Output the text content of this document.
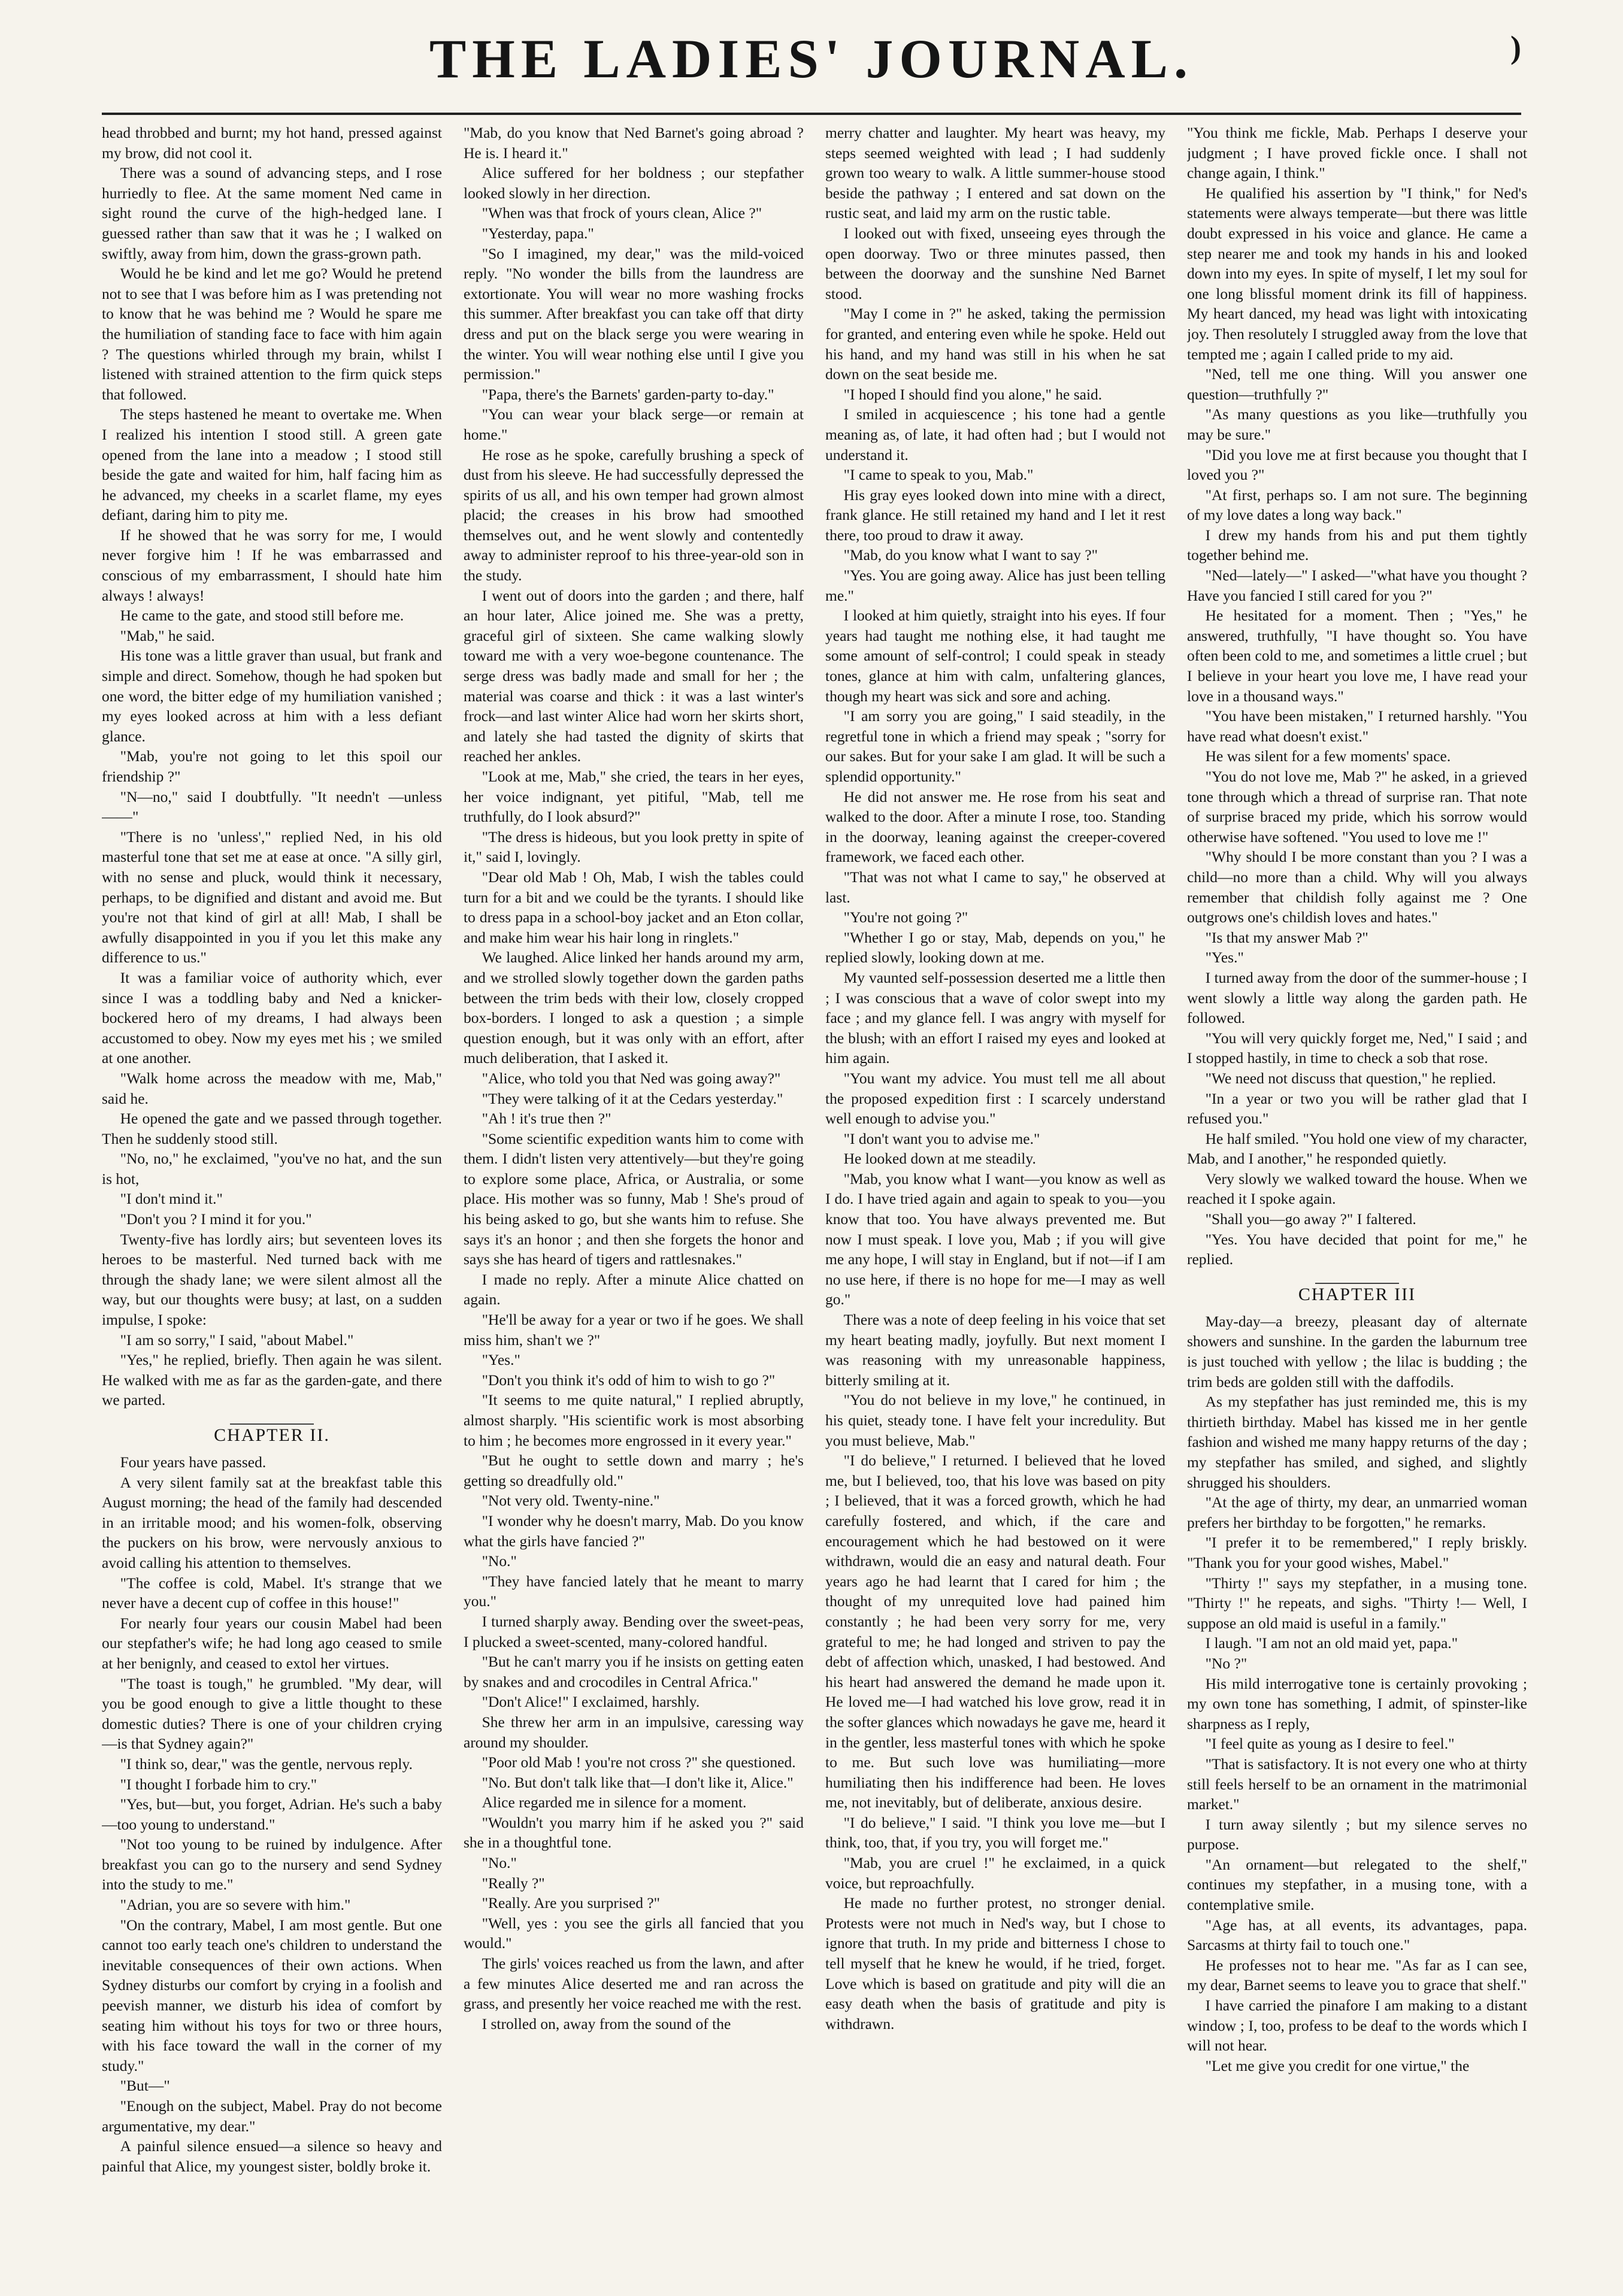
THE LADIES' JOURNAL.	)

head throbbed and burnt; my hot hand, pressed against my brow, did not cool it.

There was a sound of advancing steps, and I rose hurriedly to flee. At the same moment Ned came in sight round the curve of the high-hedged lane. I guessed rather than saw that it was he ; I walked on swiftly, away from him, down the grass-grown path.

Would he be kind and let me go? Would he pretend not to see that I was before him as I was pretending not to know that he was behind me ? Would he spare me the humiliation of standing face to face with him again ? The questions whirled through my brain, whilst I listened with strained attention to the firm quick steps that followed.

The steps hastened he meant to overtake me. When I realized his intention I stood still. A green gate opened from the lane into a meadow ; I stood still beside the gate and waited for him, half facing him as he advanced, my cheeks in a scarlet flame, my eyes defiant, daring him to pity me.

If he showed that he was sorry for me, I would never forgive him ! If he was embarrassed and conscious of my embarrassment, I should hate him always ! always!

He came to the gate, and stood still before me.

"Mab," he said.

His tone was a little graver than usual, but frank and simple and direct. Somehow, though he had spoken but one word, the bitter edge of my humiliation vanished ; my eyes looked across at him with a less defiant glance.

"Mab, you're not going to let this spoil our friendship ?"

"N—no," said I doubtfully. "It needn't —unless——"

"There is no 'unless'," replied Ned, in his old masterful tone that set me at ease at once. "A silly girl, with no sense and pluck, would think it necessary, perhaps, to be dignified and distant and avoid me. But you're not that kind of girl at all! Mab, I shall be awfully disappointed in you if you let this make any difference to us."

It was a familiar voice of authority which, ever since I was a toddling baby and Ned a knicker-bockered hero of my dreams, I had always been accustomed to obey. Now my eyes met his ; we smiled at one another.

"Walk home across the meadow with me, Mab," said he.

He opened the gate and we passed through together. Then he suddenly stood still.

"No, no," he exclaimed, "you've no hat, and the sun is hot,

"I don't mind it."

"Don't you ? I mind it for you."

Twenty-five has lordly airs; but seventeen loves its heroes to be masterful. Ned turned back with me through the shady lane; we were silent almost all the way, but our thoughts were busy; at last, on a sudden impulse, I spoke:

"I am so sorry," I said, "about Mabel."

"Yes," he replied, briefly. Then again he was silent. He walked with me as far as the garden-gate, and there we parted.

CHAPTER II.

Four years have passed.

A very silent family sat at the breakfast table this August morning; the head of the family had descended in an irritable mood; and his women-folk, observing the puckers on his brow, were nervously anxious to avoid calling his attention to themselves.

"The coffee is cold, Mabel. It's strange that we never have a decent cup of coffee in this house!"

For nearly four years our cousin Mabel had been our stepfather's wife; he had long ago ceased to smile at her benignly, and ceased to extol her virtues.

"The toast is tough," he grumbled. "My dear, will you be good enough to give a little thought to these domestic duties? There is one of your children crying—is that Sydney again?"

"I think so, dear," was the gentle, nervous reply.

"I thought I forbade him to cry."

"Yes, but—but, you forget, Adrian. He's such a baby—too young to understand."

"Not too young to be ruined by indulgence. After breakfast you can go to the nursery and send Sydney into the study to me."

"Adrian, you are so severe with him."

"On the contrary, Mabel, I am most gentle. But one cannot too early teach one's children to understand the inevitable consequences of their own actions. When Sydney disturbs our comfort by crying in a foolish and peevish manner, we disturb his idea of comfort by seating him without his toys for two or three hours, with his face toward the wall in the corner of my study."

"But—"

"Enough on the subject, Mabel. Pray do not become argumentative, my dear."

A painful silence ensued—a silence so heavy and painful that Alice, my youngest sister, boldly broke it.

"Mab, do you know that Ned Barnet's going abroad ? He is. I heard it."

Alice suffered for her boldness ; our stepfather looked slowly in her direction.

"When was that frock of yours clean, Alice ?"

"Yesterday, papa."

"So I imagined, my dear," was the mild-voiced reply. "No wonder the bills from the laundress are extortionate. You will wear no more washing frocks this summer. After breakfast you can take off that dirty dress and put on the black serge you were wearing in the winter. You will wear nothing else until I give you permission."

"Papa, there's the Barnets' garden-party to-day."

"You can wear your black serge—or remain at home."

He rose as he spoke, carefully brushing a speck of dust from his sleeve. He had successfully depressed the spirits of us all, and his own temper had grown almost placid; the creases in his brow had smoothed themselves out, and he went slowly and contentedly away to administer reproof to his three-year-old son in the study.

I went out of doors into the garden ; and there, half an hour later, Alice joined me. She was a pretty, graceful girl of sixteen. She came walking slowly toward me with a very woe-begone countenance. The serge dress was badly made and small for her ; the material was coarse and thick : it was a last winter's frock—and last winter Alice had worn her skirts short, and lately she had tasted the dignity of skirts that reached her ankles.

"Look at me, Mab," she cried, the tears in her eyes, her voice indignant, yet pitiful, "Mab, tell me truthfully, do I look absurd?"

"The dress is hideous, but you look pretty in spite of it," said I, lovingly.

"Dear old Mab ! Oh, Mab, I wish the tables could turn for a bit and we could be the tyrants. I should like to dress papa in a school-boy jacket and an Eton collar, and make him wear his hair long in ringlets."

We laughed. Alice linked her hands around my arm, and we strolled slowly together down the garden paths between the trim beds with their low, closely cropped box-borders. I longed to ask a question ; a simple question enough, but it was only with an effort, after much deliberation, that I asked it.

"Alice, who told you that Ned was going away?"

"They were talking of it at the Cedars yesterday."

"Ah ! it's true then ?"

"Some scientific expedition wants him to come with them. I didn't listen very attentively—but they're going to explore some place, Africa, or Australia, or some place. His mother was so funny, Mab ! She's proud of his being asked to go, but she wants him to refuse. She says it's an honor ; and then she forgets the honor and says she has heard of tigers and rattlesnakes."

I made no reply. After a minute Alice chatted on again.

"He'll be away for a year or two if he goes. We shall miss him, shan't we ?"

"Yes."

"Don't you think it's odd of him to wish to go ?"

"It seems to me quite natural," I replied abruptly, almost sharply. "His scientific work is most absorbing to him ; he becomes more engrossed in it every year."

"But he ought to settle down and marry ; he's getting so dreadfully old."

"Not very old. Twenty-nine."

"I wonder why he doesn't marry, Mab. Do you know what the girls have fancied ?"

"No."

"They have fancied lately that he meant to marry you."

I turned sharply away. Bending over the sweet-peas, I plucked a sweet-scented, many-colored handful.

"But he can't marry you if he insists on getting eaten by snakes and and crocodiles in Central Africa."

"Don't Alice!" I exclaimed, harshly.

She threw her arm in an impulsive, caressing way around my shoulder.

"Poor old Mab ! you're not cross ?" she questioned.

"No. But don't talk like that—I don't like it, Alice."

Alice regarded me in silence for a moment.

"Wouldn't you marry him if he asked you ?" said she in a thoughtful tone.

"No."

"Really ?"

"Really. Are you surprised ?"

"Well, yes : you see the girls all fancied that you would."

The girls' voices reached us from the lawn, and after a few minutes Alice deserted me and ran across the grass, and presently her voice reached me with the rest.

I strolled on, away from the sound of the

merry chatter and laughter. My heart was heavy, my steps seemed weighted with lead ; I had suddenly grown too weary to walk. A little summer-house stood beside the pathway ; I entered and sat down on the rustic seat, and laid my arm on the rustic table.

I looked out with fixed, unseeing eyes through the open doorway. Two or three minutes passed, then between the doorway and the sunshine Ned Barnet stood.

"May I come in ?" he asked, taking the permission for granted, and entering even while he spoke. Held out his hand, and my hand was still in his when he sat down on the seat beside me.

"I hoped I should find you alone," he said.

I smiled in acquiescence ; his tone had a gentle meaning as, of late, it had often had ; but I would not understand it.

"I came to speak to you, Mab."

His gray eyes looked down into mine with a direct, frank glance. He still retained my hand and I let it rest there, too proud to draw it away.

"Mab, do you know what I want to say ?"

"Yes. You are going away. Alice has just been telling me."

I looked at him quietly, straight into his eyes. If four years had taught me nothing else, it had taught me some amount of self-control; I could speak in steady tones, glance at him with calm, unfaltering glances, though my heart was sick and sore and aching.

"I am sorry you are going," I said steadily, in the regretful tone in which a friend may speak ; "sorry for our sakes. But for your sake I am glad. It will be such a splendid opportunity."

He did not answer me. He rose from his seat and walked to the door. After a minute I rose, too. Standing in the doorway, leaning against the creeper-covered framework, we faced each other.

"That was not what I came to say," he observed at last.

"You're not going ?"

"Whether I go or stay, Mab, depends on you," he replied slowly, looking down at me.

My vaunted self-possession deserted me a little then ; I was conscious that a wave of color swept into my face ; and my glance fell. I was angry with myself for the blush; with an effort I raised my eyes and looked at him again.

"You want my advice. You must tell me all about the proposed expedition first : I scarcely understand well enough to advise you."

"I don't want you to advise me."

He looked down at me steadily.

"Mab, you know what I want—you know as well as I do. I have tried again and again to speak to you—you know that too. You have always prevented me. But now I must speak. I love you, Mab ; if you will give me any hope, I will stay in England, but if not—if I am no use here, if there is no hope for me—I may as well go."

There was a note of deep feeling in his voice that set my heart beating madly, joyfully. But next moment I was reasoning with my unreasonable happiness, bitterly smiling at it.

"You do not believe in my love," he continued, in his quiet, steady tone. I have felt your incredulity. But you must believe, Mab."

"I do believe," I returned. I believed that he loved me, but I believed, too, that his love was based on pity ; I believed, that it was a forced growth, which he had carefully fostered, and which, if the care and encouragement which he had bestowed on it were withdrawn, would die an easy and natural death. Four years ago he had learnt that I cared for him ; the thought of my unrequited love had pained him constantly ; he had been very sorry for me, very grateful to me; he had longed and striven to pay the debt of affection which, unasked, I had bestowed. And his heart had answered the demand he made upon it. He loved me—I had watched his love grow, read it in the softer glances which nowadays he gave me, heard it in the gentler, less masterful tones with which he spoke to me. But such love was humiliating—more humiliating then his indifference had been. He loves me, not inevitably, but of deliberate, anxious desire.

"I do believe," I said. "I think you love me—but I think, too, that, if you try, you will forget me."

"Mab, you are cruel !" he exclaimed, in a quick voice, but reproachfully.

He made no further protest, no stronger denial. Protests were not much in Ned's way, but I chose to ignore that truth. In my pride and bitterness I chose to tell myself that he knew he would, if he tried, forget. Love which is based on gratitude and pity will die an easy death when the basis of gratitude and pity is withdrawn.

"You think me fickle, Mab. Perhaps I deserve your judgment ; I have proved fickle once. I shall not change again, I think."

He qualified his assertion by "I think," for Ned's statements were always temperate—but there was little doubt expressed in his voice and glance. He came a step nearer me and took my hands in his and looked down into my eyes. In spite of myself, I let my soul for one long blissful moment drink its fill of happiness. My heart danced, my head was light with intoxicating joy. Then resolutely I struggled away from the love that tempted me ; again I called pride to my aid.

"Ned, tell me one thing. Will you answer one question—truthfully ?"

"As many questions as you like—truthfully you may be sure."

"Did you love me at first because you thought that I loved you ?"

"At first, perhaps so. I am not sure. The beginning of my love dates a long way back."

I drew my hands from his and put them tightly together behind me.

"Ned—lately—" I asked—"what have you thought ? Have you fancied I still cared for you ?"

He hesitated for a moment. Then ; "Yes," he answered, truthfully, "I have thought so. You have often been cold to me, and sometimes a little cruel ; but I believe in your heart you love me, I have read your love in a thousand ways."

"You have been mistaken," I returned harshly. "You have read what doesn't exist."

He was silent for a few moments' space.

"You do not love me, Mab ?" he asked, in a grieved tone through which a thread of surprise ran. That note of surprise braced my pride, which his sorrow would otherwise have softened. "You used to love me !"

"Why should I be more constant than you ? I was a child—no more than a child. Why will you always remember that childish folly against me ? One outgrows one's childish loves and hates."

"Is that my answer Mab ?"

"Yes."

I turned away from the door of the summer-house ; I went slowly a little way along the garden path. He followed.

"You will very quickly forget me, Ned," I said ; and I stopped hastily, in time to check a sob that rose.

"We need not discuss that question," he replied.

"In a year or two you will be rather glad that I refused you."

He half smiled. "You hold one view of my character, Mab, and I another," he responded quietly.

Very slowly we walked toward the house. When we reached it I spoke again.

"Shall you—go away ?" I faltered.

"Yes. You have decided that point for me," he replied.

CHAPTER III

May-day—a breezy, pleasant day of alternate showers and sunshine. In the garden the laburnum tree is just touched with yellow ; the lilac is budding ; the trim beds are golden still with the daffodils.

As my stepfather has just reminded me, this is my thirtieth birthday. Mabel has kissed me in her gentle fashion and wished me many happy returns of the day ; my stepfather has smiled, and sighed, and slightly shrugged his shoulders.

"At the age of thirty, my dear, an unmarried woman prefers her birthday to be forgotten," he remarks.

"I prefer it to be remembered," I reply briskly. "Thank you for your good wishes, Mabel."

"Thirty !" says my stepfather, in a musing tone. "Thirty !" he repeats, and sighs. "Thirty !— Well, I suppose an old maid is useful in a family."

I laugh. "I am not an old maid yet, papa."

"No ?"

His mild interrogative tone is certainly provoking ; my own tone has something, I admit, of spinster-like sharpness as I reply,

"I feel quite as young as I desire to feel."

"That is satisfactory. It is not every one who at thirty still feels herself to be an ornament in the matrimonial market."

I turn away silently ; but my silence serves no purpose.

"An ornament—but relegated to the shelf," continues my stepfather, in a musing tone, with a contemplative smile.

"Age has, at all events, its advantages, papa. Sarcasms at thirty fail to touch one."

He professes not to hear me. "As far as I can see, my dear, Barnet seems to leave you to grace that shelf."

I have carried the pinafore I am making to a distant window ; I, too, profess to be deaf to the words which I will not hear.

"Let me give you credit for one virtue," the
